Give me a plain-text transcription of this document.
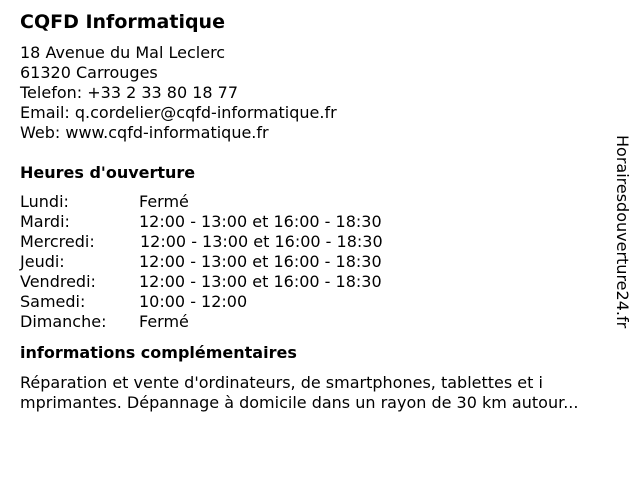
CQFD Informatique
18 Avenue du Mal Leclerc
61320 Carrouges
Telefon: +33 2 33 80 18 77
Email: q.cordelier@cqfd-informatique.fr
Web: www.cqfd-informatique.fr
Heures d'ouverture
Lundi:	Fermé
Mardi:	12:00 - 13:00 et 16:00 - 18:30
Mercredi:	12:00 - 13:00 et 16:00 - 18:30
Jeudi:	12:00 - 13:00 et 16:00 - 18:30
Vendredi:	12:00 - 13:00 et 16:00 - 18:30
Samedi:	10:00 - 12:00
Dimanche:	Fermé
informations complémentaires
Réparation et vente d'ordinateurs, de smartphones, tablettes et i
mprimantes. Dépannage à domicile dans un rayon de 30 km autour...
Horairesdouverture24.fr
